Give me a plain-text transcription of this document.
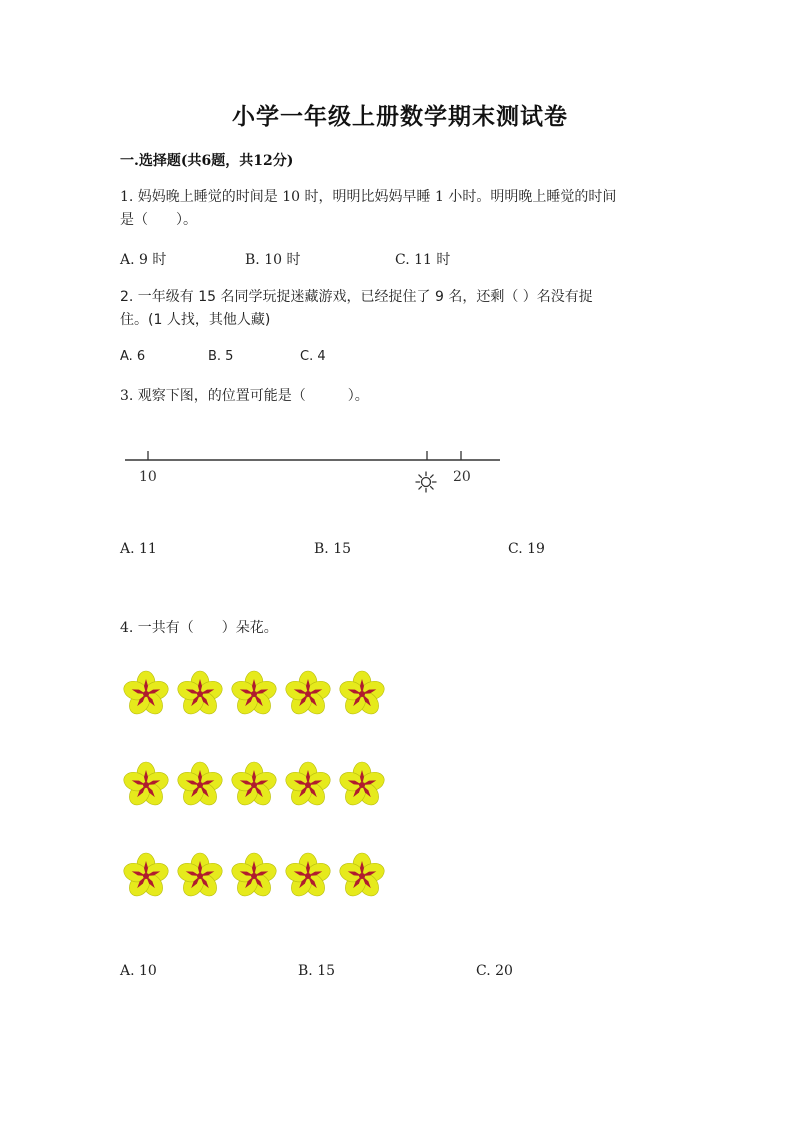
小学一年级上册数学期末测试卷
一.选择题(共6题，共12分)
1. 妈妈晚上睡觉的时间是 10 时，明明比妈妈早睡 1 小时。明明晚上睡觉的时间
是（　　）。
A. 9 时	B. 10 时	C. 11 时
2. 一年级有 15 名同学玩捉迷藏游戏，已经捉住了 9 名，还剩（ ）名没有捉
住。(1 人找，其他人藏)
A. 6	B. 5	C. 4
3. 观察下图，的位置可能是（　　　）。
10	20
A. 11	B. 15	C. 19
4. 一共有（　　）朵花。
A. 10	B. 15	C. 20
